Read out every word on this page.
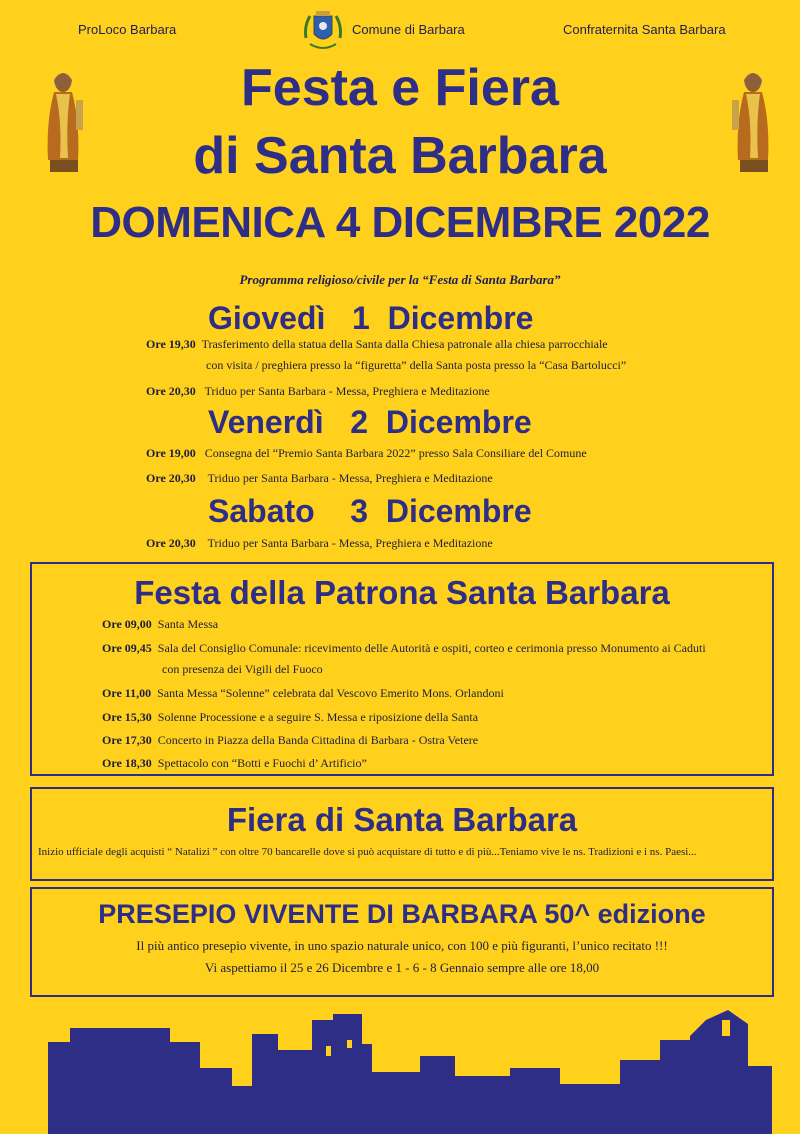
ProLoco Barbara	Comune di Barbara	Confraternita Santa Barbara
Festa e Fiera
di Santa Barbara
DOMENICA 4 DICEMBRE 2022
Programma religioso/civile per la “Festa di Santa Barbara”
Giovedì   1  Dicembre
Ore 19,30 Trasferimento della statua della Santa dalla Chiesa patronale alla chiesa parrocchiale
con visita / preghiera presso la “figuretta” della Santa posta presso la “Casa Bartolucci”
Ore 20,30 Triduo per Santa Barbara - Messa, Preghiera e Meditazione
Venerdì   2  Dicembre
Ore 19,00 Consegna del “Premio Santa Barbara 2022” presso Sala Consiliare del Comune
Ore 20,30 Triduo per Santa Barbara - Messa, Preghiera e Meditazione
Sabato    3  Dicembre
Ore 20,30 Triduo per Santa Barbara - Messa, Preghiera e Meditazione
Festa della Patrona Santa Barbara
Ore 09,00 Santa Messa
Ore 09,45 Sala del Consiglio Comunale: ricevimento delle Autorità e ospiti, corteo e cerimonia presso Monumento ai Caduti
con presenza dei Vigili del Fuoco
Ore 11,00 Santa Messa “Solenne” celebrata dal Vescovo Emerito Mons. Orlandoni
Ore 15,30 Solenne Processione e a seguire S. Messa e riposizione della Santa
Ore 17,30 Concerto in Piazza della Banda Cittadina di Barbara - Ostra Vetere
Ore 18,30 Spettacolo con “Botti e Fuochi d’ Artificio”
Fiera di Santa Barbara
Inizio ufficiale degli acquisti “ Natalizi ” con oltre 70 bancarelle dove si può acquistare di tutto e di più...Teniamo vive le ns. Tradizioni e i ns. Paesi...
PRESEPIO VIVENTE DI BARBARA 50^ edizione
Il più antico presepio vivente, in uno spazio naturale unico, con 100 e più figuranti, l’unico recitato !!!
Vi aspettiamo il 25 e 26 Dicembre e 1 - 6 - 8 Gennaio sempre alle ore 18,00
